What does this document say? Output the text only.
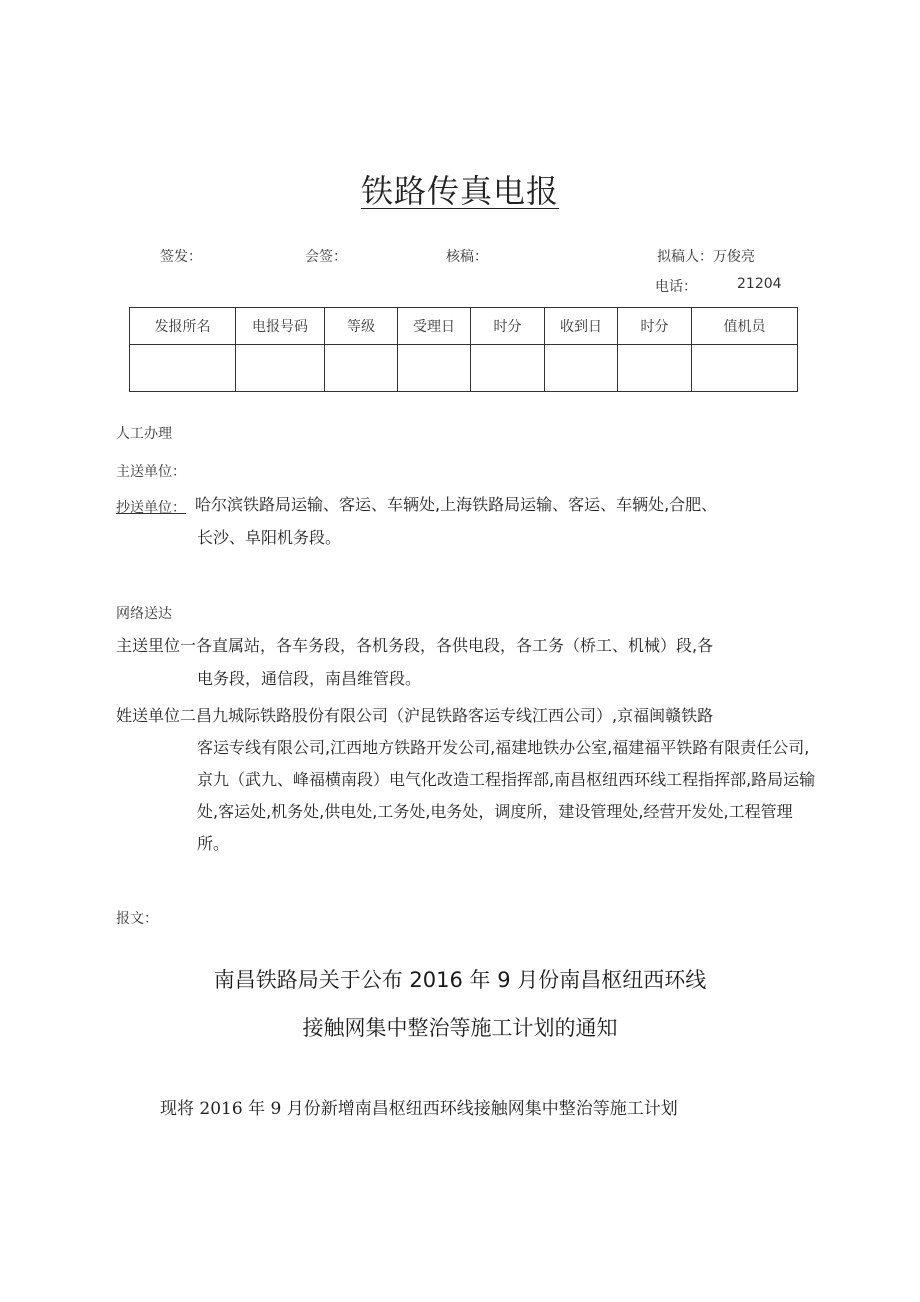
铁路传真电报
签发：	会签：	核稿：	拟稿人：万俊亮
电话：	21204
发报所名	电报号码	等级	受理日	时分	收到日	时分	值机员

人工办理
主送单位：
抄送单位： 哈尔滨铁路局运输、客运、车辆处,上海铁路局运输、客运、车辆处,合肥、
长沙、阜阳机务段。
网络送达
主送里位一各直属站，各车务段，各机务段，各供电段，各工务（桥工、机械）段,各
电务段，通信段，南昌维管段。
姓送单位二昌九城际铁路股份有限公司（沪昆铁路客运专线江西公司）,京福闽赣铁路
客运专线有限公司,江西地方铁路开发公司,福建地铁办公室,福建福平铁路有限责任公司,京九（武九、峰福横南段）电气化改造工程指挥部,南昌枢纽西环线工程指挥部,路局运输处,客运处,机务处,供电处,工务处,电务处，调度所，建设管理处,经营开发处,工程管理所。
报文：
南昌铁路局关于公布 2016 年 9 月份南昌枢纽西环线
接触网集中整治等施工计划的通知
现将 2016 年 9 月份新增南昌枢纽西环线接触网集中整治等施工计划
